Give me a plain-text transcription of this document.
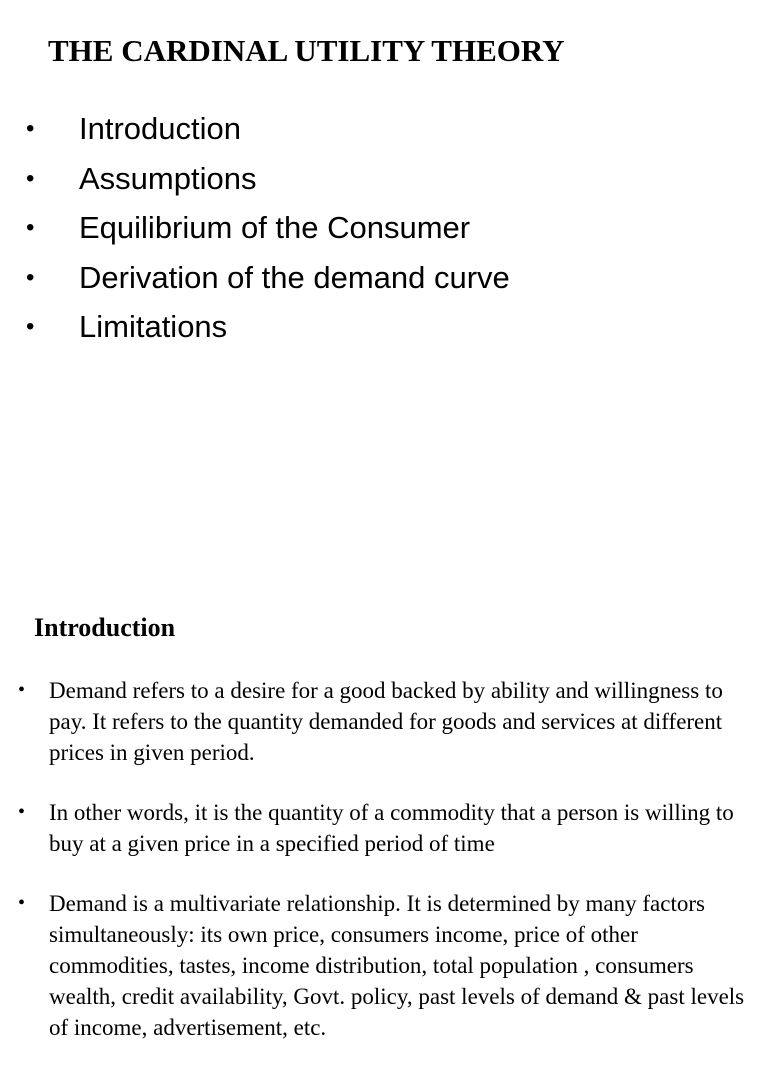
THE CARDINAL UTILITY THEORY
• Introduction
• Assumptions
• Equilibrium of the Consumer
• Derivation of the demand curve
• Limitations
Introduction
• Demand refers to a desire for a good backed by ability and willingness to pay. It refers to the quantity demanded for goods and services at different prices in given period.
• In other words, it is the quantity of a commodity that a person is willing to buy at a given price in a specified period of time
• Demand is a multivariate relationship. It is determined by many factors simultaneously: its own price, consumers income, price of other commodities, tastes, income distribution, total population , consumers wealth, credit availability, Govt. policy, past levels of demand & past levels of income, advertisement, etc.
